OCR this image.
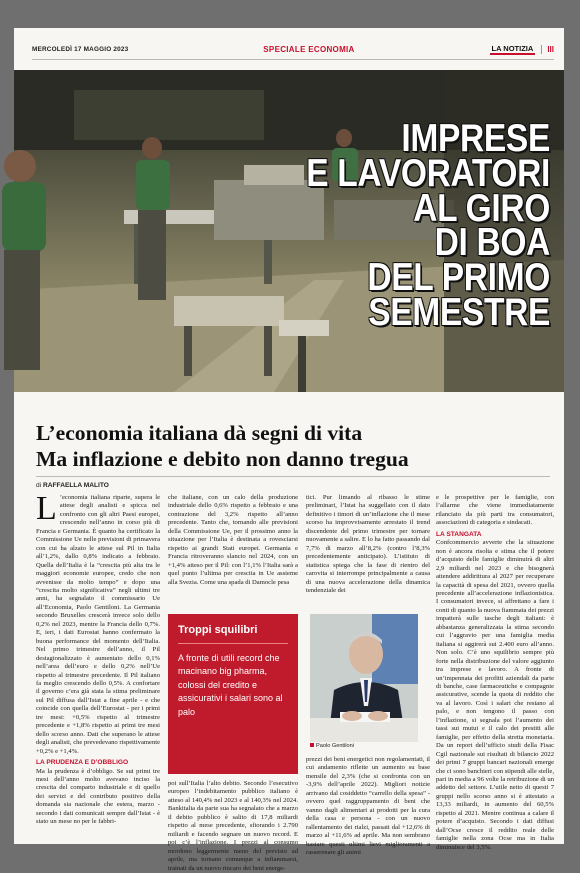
MERCOLEDÌ 17 MAGGIO 2023	SPECIALE ECONOMIA	LA NOTIZIA	III
IMPRESE
E LAVORATORI
AL GIRO
DI BOA
DEL PRIMO
SEMESTRE
L’economia italiana dà segni di vita
Ma inflazione e debito non danno tregua
di RAFFAELLA MALITO
L ’economia italiana riparte, supera le attese degli analisti e spicca nel confronto con gli altri Paesi europei, crescendo nell’anno in corso più di Francia e Germania. È quanto ha certificato la Commissione Ue nelle previsioni di primavera con cui ha alzato le attese sul Pil in Italia all’1,2%, dallo 0,8% indicato a febbraio. Quella dell’Italia è la “crescita più alta tra le maggiori economie europee, credo che non avvenisse da molto tempo” e dopo una “crescita molto significativa” negli ultimi tre anni, ha segnalato il commissario Ue all’Economia, Paolo Gentiloni. La Germania secondo Bruxelles crescerà invece solo dello 0,2% nel 2023, mentre la Francia dello 0,7%. E, ieri, i dati Eurostat hanno confermato la buona performance del momento dell’Italia. Nel primo trimestre dell’anno, il Pil destagionalizzato è aumentato dello 0,1% nell’area dell’euro e dello 0,2% nell’Ue rispetto al trimestre precedente. Il Pil italiano fa meglio crescendo dello 0,5%. A confortare il governo c’era già stata la stima preliminare sul Pil diffusa dall’Istat a fine aprile - e che coincide con quella dell’Eurostat - per i primi tre mesi: +0,5% rispetto al trimestre precedente e +1,8% rispetto ai primi tre mesi dello scorso anno. Dati che superano le attese degli analisti, che prevedevano rispettivamente +0,2% e +1,4%.

LA PRUDENZA E D’OBBLIGO

Ma la prudenza è d’obbligo. Se sui primi tre mesi dell’anno molto avevano inciso la crescita del comparto industriale e di quello dei servizi e del contributo positivo della domanda sia nazionale che estera, marzo - secondo i dati comunicati sempre dall’Istat - è stato un mese no per le fabbri-

che italiane, con un calo della produzione industriale dello 0,6% rispetto a febbraio e una contrazione del 3,2% rispetto all’anno precedente. Tanto che, tornando alle previsioni della Commissione Ue, per il prossimo anno la situazione per l’Italia è destinata a rovesciarsi rispetto ai grandi Stati europei. Germania e Francia ritroveranno slancio nel 2024, con un +1,4% atteso per il Pil: con l’1,1% l’Italia sarà a quel punto l’ultima per crescita in Ue assieme alla Svezia. Come una spada di Damocle pesa

poi sull’Italia l’alto debito. Secondo l’esecutivo europeo l’indebitamento pubblico italiano è atteso al 140,4% nel 2023 e al 140,3% nel 2024. Bankitalia da parte sua ha segnalato che a marzo il debito pubblico è salito di 17,8 miliardi rispetto al mese precedente, sfiorando i 2.790 miliardi e facendo segnare un nuovo record. E poi c’è l’inflazione. I prezzi al consumo mordono leggermente meno del previsto ad aprile, ma tornano comunque a infiammarsi, trainati da un nuovo rincaro dei beni energe-

tici. Pur limando al ribasso le stime preliminari, l’Istat ha suggellato con il dato definitivo i timori di un’inflazione che il mese scorso ha improvvisamente arrestato il trend discendente del primo trimestre per tornare nuovamente a salire. E lo ha fatto passando dal 7,7% di marzo all’8,2% (contro l’8,3% precedentemente anticipato). L’istituto di statistica spiega che la fase di rientro del carovita si interrompe principalmente a causa di una nuova accelerazione della dinamica tendenziale dei

prezzi dei beni energetici non regolamentati, il cui andamento riflette un aumento su base mensile del 2,3% (che si confronta con un -3,9% dell’aprile 2022). Migliori notizie arrivano dal cosiddetto “carrello della spesa” - ovvero quel raggruppamento di beni che vanno dagli alimentari ai prodotti per la cura della casa e persona - con un nuovo rallentamento dei rialzi, passati dal +12,6% di marzo al +11,6% ad aprile. Ma non sembrano bastare questi ultimi lievi miglioramenti a rasserenare gli animi

e le prospettive per le famiglie, con l’allarme che viene immediatamente rilanciato da più parti tra consumatori, associazioni di categoria e sindacati.

LA STANGATA

Confcommercio avverte che la situazione non è ancora risolta e stima che il potere d’acquisto delle famiglie diminuirà di altri 2,9 miliardi nel 2023 e che bisognerà attendere addirittura al 2027 per recuperare la capacità di spesa del 2021, ovvero quella precedente all’accelerazione inflazionistica. I consumatori invece, si affrettano a fare i conti di quanto la nuova fiammata dei prezzi impatterà sulle tasche degli italiani: è abbastanza generalizzata la stima secondo cui l’aggravio per una famiglia media italiana si aggirerà sui 2.400 euro all’anno. Non solo. C’è uno squilibrio sempre più forte nella distribuzione del valore aggiunto tra imprese e lavoro. A fronte di un’impennata dei profitti aziendali da parte di banche, case farmaceutiche e compagnie assicurative, scende la quota di reddito che va al lavoro. Così i salari che restano al palo, e non tengono il passo con l’inflazione, si segnala poi l’aumento dei tassi sui mutui e il calo dei prestiti alle famiglie, per effetto della stretta monetaria. Da un report dell’ufficio studi della Fisac Cgil nazionale sui risultati di bilancio 2022 dei primi 7 gruppi bancari nazionali emerge che ci sono banchieri con stipendi alle stelle, pari in media a 96 volte la retribuzione di un addetto del settore. L’utile netto di questi 7 gruppi nello scorso anno si è attestato a 13,33 miliardi, in aumento del 60,5% rispetto al 2021. Mentre continua a calare il potere d’acquisto. Secondo i dati diffusi dall’Ocse cresce il reddito reale delle famiglie nella zona Ocse ma in Italia diminuisce del 3,5%.

Troppi squilibri
A fronte di utili record che macinano big pharma, colossi del credito e assicurativi i salari sono al palo
Paolo Gentiloni
